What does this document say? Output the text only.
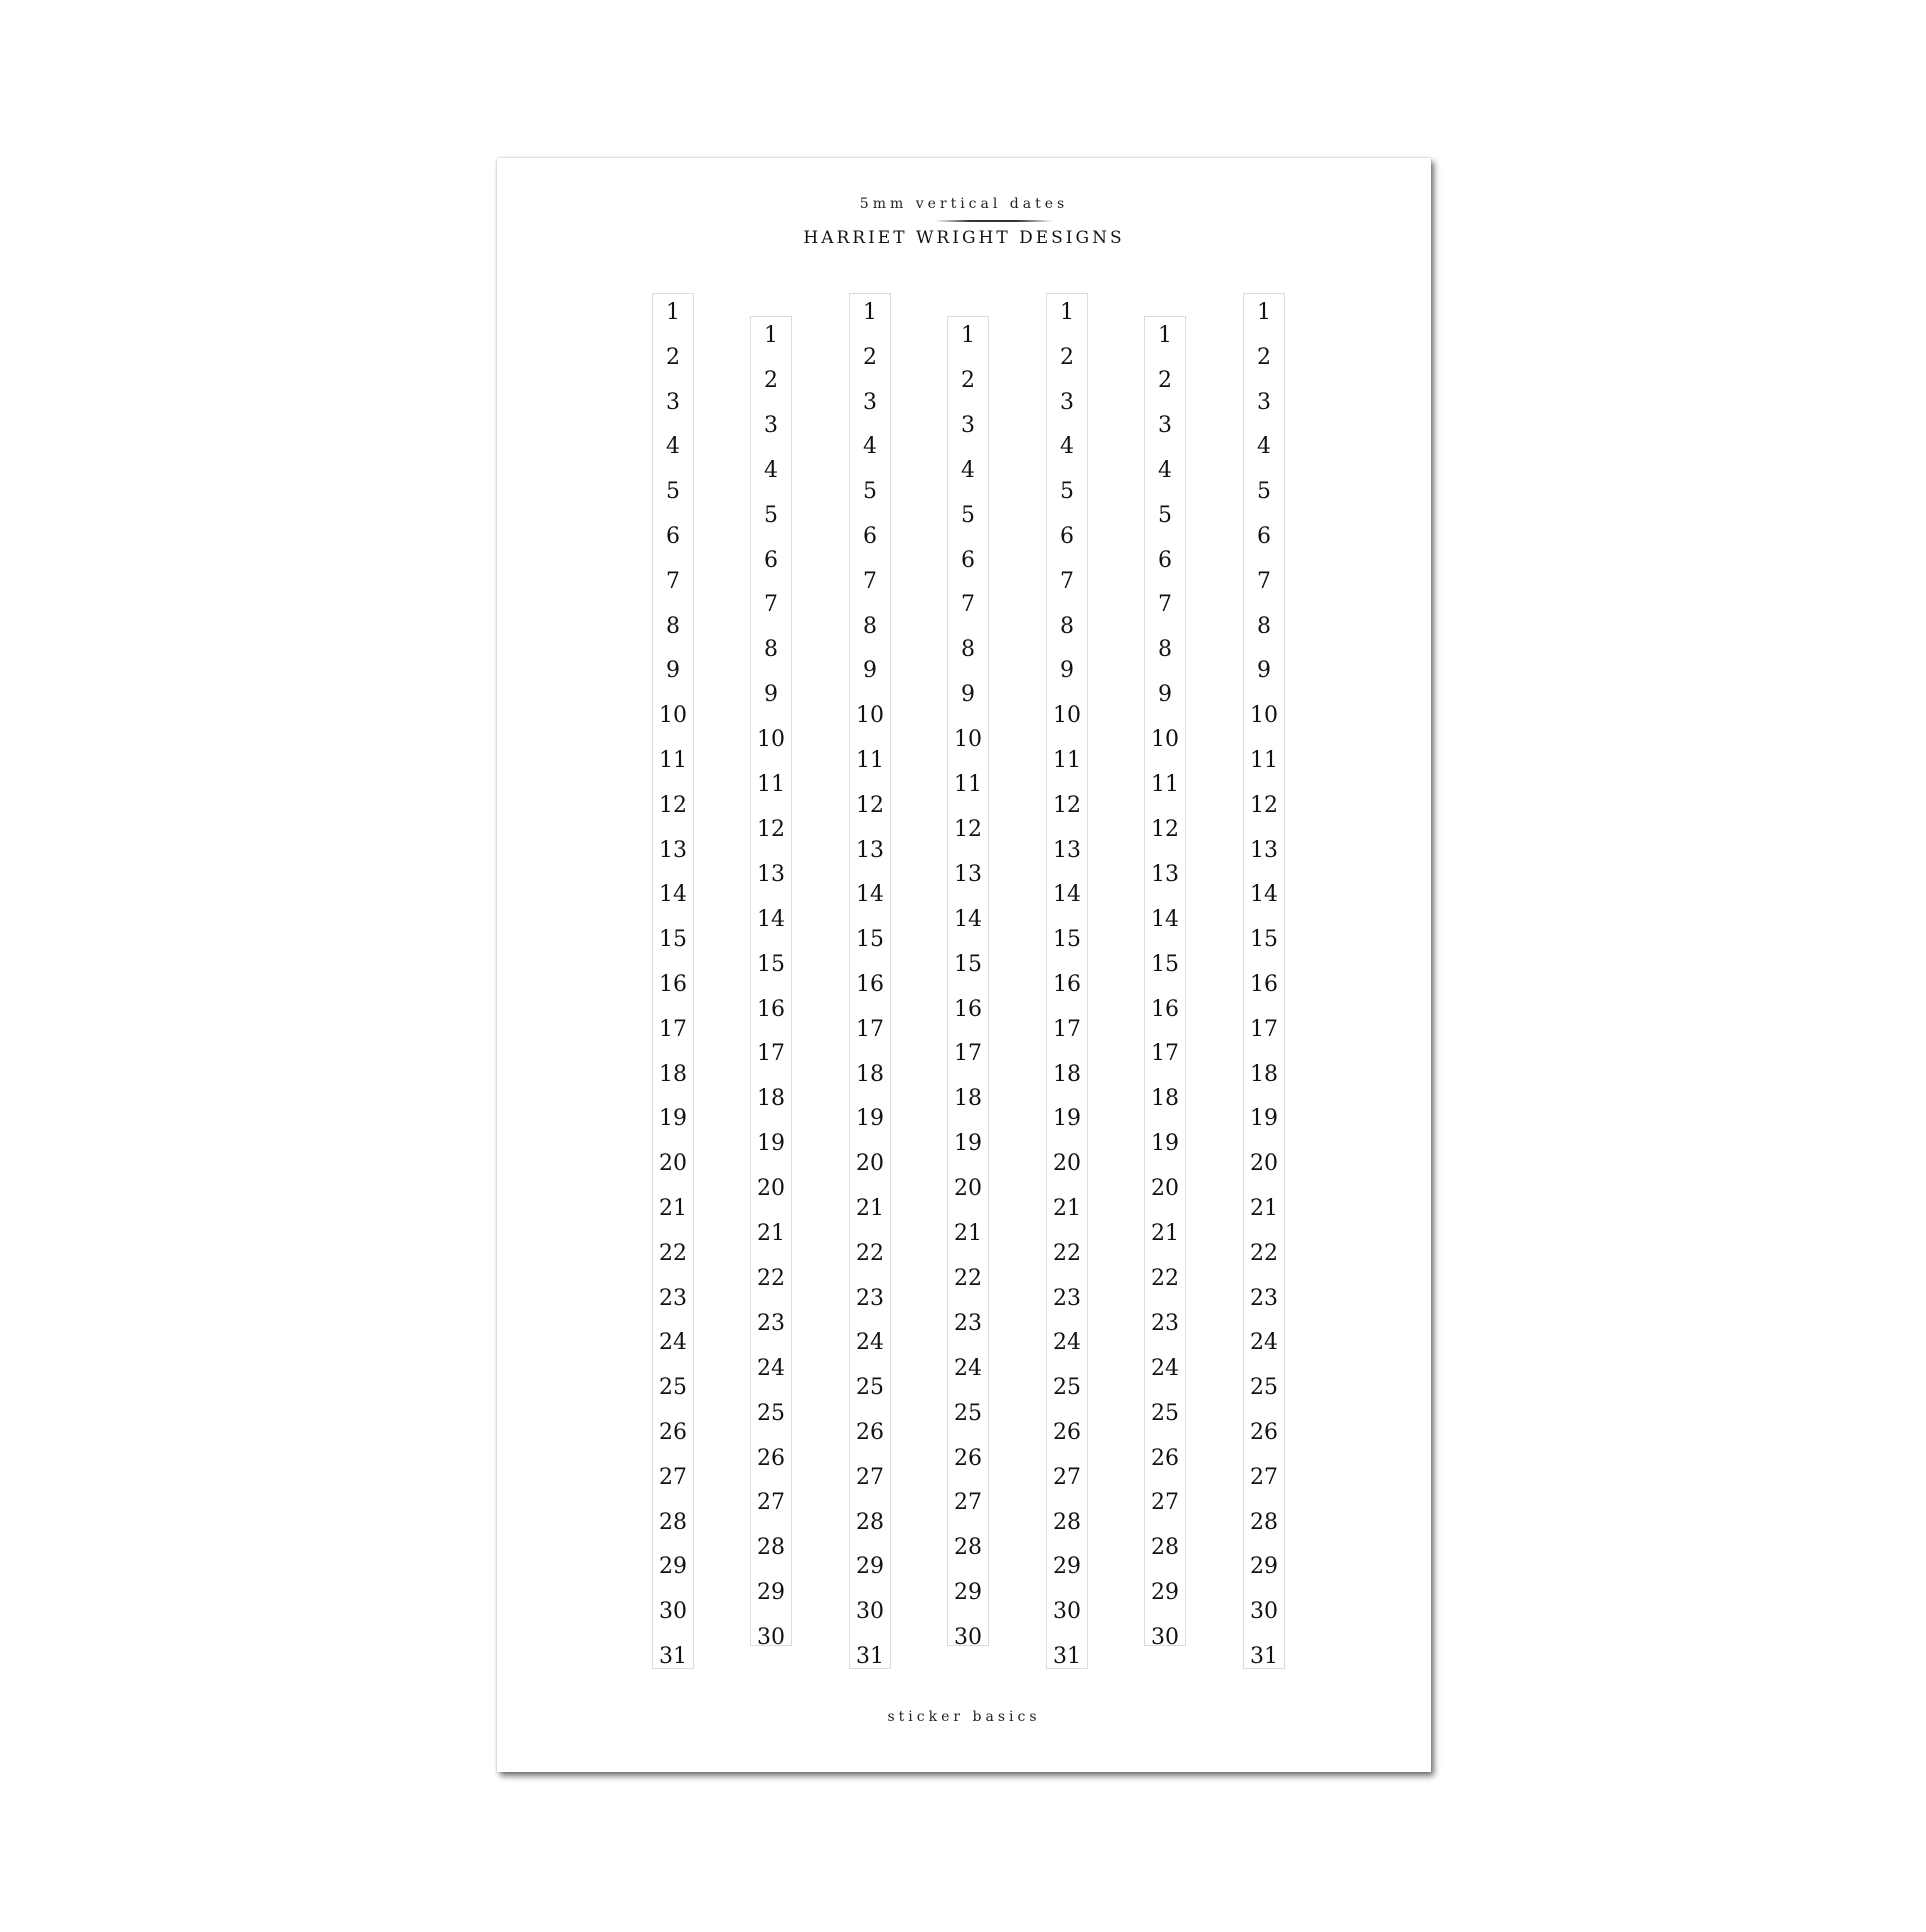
5mm vertical dates
HARRIET WRIGHT DESIGNS
1
2
3
4
5
6
7
8
9
10
11
12
13
14
15
16
17
18
19
20
21
22
23
24
25
26
27
28
29
30
31
1
2
3
4
5
6
7
8
9
10
11
12
13
14
15
16
17
18
19
20
21
22
23
24
25
26
27
28
29
30
1
2
3
4
5
6
7
8
9
10
11
12
13
14
15
16
17
18
19
20
21
22
23
24
25
26
27
28
29
30
31
1
2
3
4
5
6
7
8
9
10
11
12
13
14
15
16
17
18
19
20
21
22
23
24
25
26
27
28
29
30
1
2
3
4
5
6
7
8
9
10
11
12
13
14
15
16
17
18
19
20
21
22
23
24
25
26
27
28
29
30
31
1
2
3
4
5
6
7
8
9
10
11
12
13
14
15
16
17
18
19
20
21
22
23
24
25
26
27
28
29
30
1
2
3
4
5
6
7
8
9
10
11
12
13
14
15
16
17
18
19
20
21
22
23
24
25
26
27
28
29
30
31
sticker basics
